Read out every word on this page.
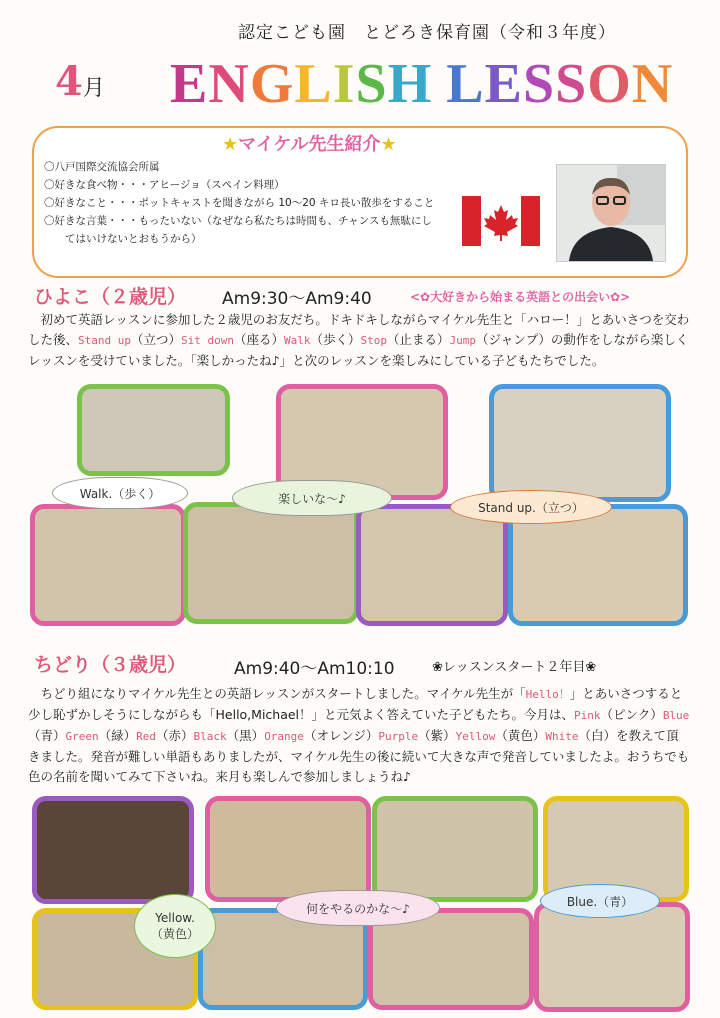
認定こども園　とどろき保育園（令和３年度）
4月 ENGLISH LESSON
★マイケル先生紹介★
〇八戸国際交流協会所属
〇好きな食べ物・・・アヒージョ（スペイン料理）
〇好きなこと・・・ポットキャストを聞きながら 10～20 キロ長い散歩をすること
〇好きな言葉・・・もったいない（なぜなら私たちは時間も、チャンスも無駄にし
　　てはいけないとおもうから）
ひよこ（２歳児） Am9:30～Am9:40	<✿大好きから始まる英語との出会い✿>
初めて英語レッスンに参加した２歳児のお友だち。ドキドキしながらマイケル先生と「ハロー！」とあいさつを交わした後、Stand up（立つ）Sit down（座る）Walk（歩く）Stop（止まる）Jump（ジャンプ）の動作をしながら楽しくレッスンを受けていました。「楽しかったね♪」と次のレッスンを楽しみにしている子どもたちでした。
Walk.（歩く）	楽しいな～♪
Stand up.（立つ）
ちどり（３歳児）	Am9:40～Am10:10	❀レッスンスタート２年目❀
ちどり組になりマイケル先生との英語レッスンがスタートしました。マイケル先生が「Hello！」とあいさつすると少し恥ずかしそうにしながらも「Hello,Michael！」と元気よく答えていた子どもたち。今月は、Pink（ピンク）Blue（青）Green（緑）Red（赤）Black（黒）Orange（オレンジ）Purple（紫）Yellow（黄色）White（白）を教えて頂きました。発音が難しい単語もありましたが、マイケル先生の後に続いて大きな声で発音していましたよ。おうちでも色の名前を聞いてみて下さいね。来月も楽しんで参加しましょうね♪
Yellow.
（黄色）
何をやるのかな～♪	Blue.（青）
